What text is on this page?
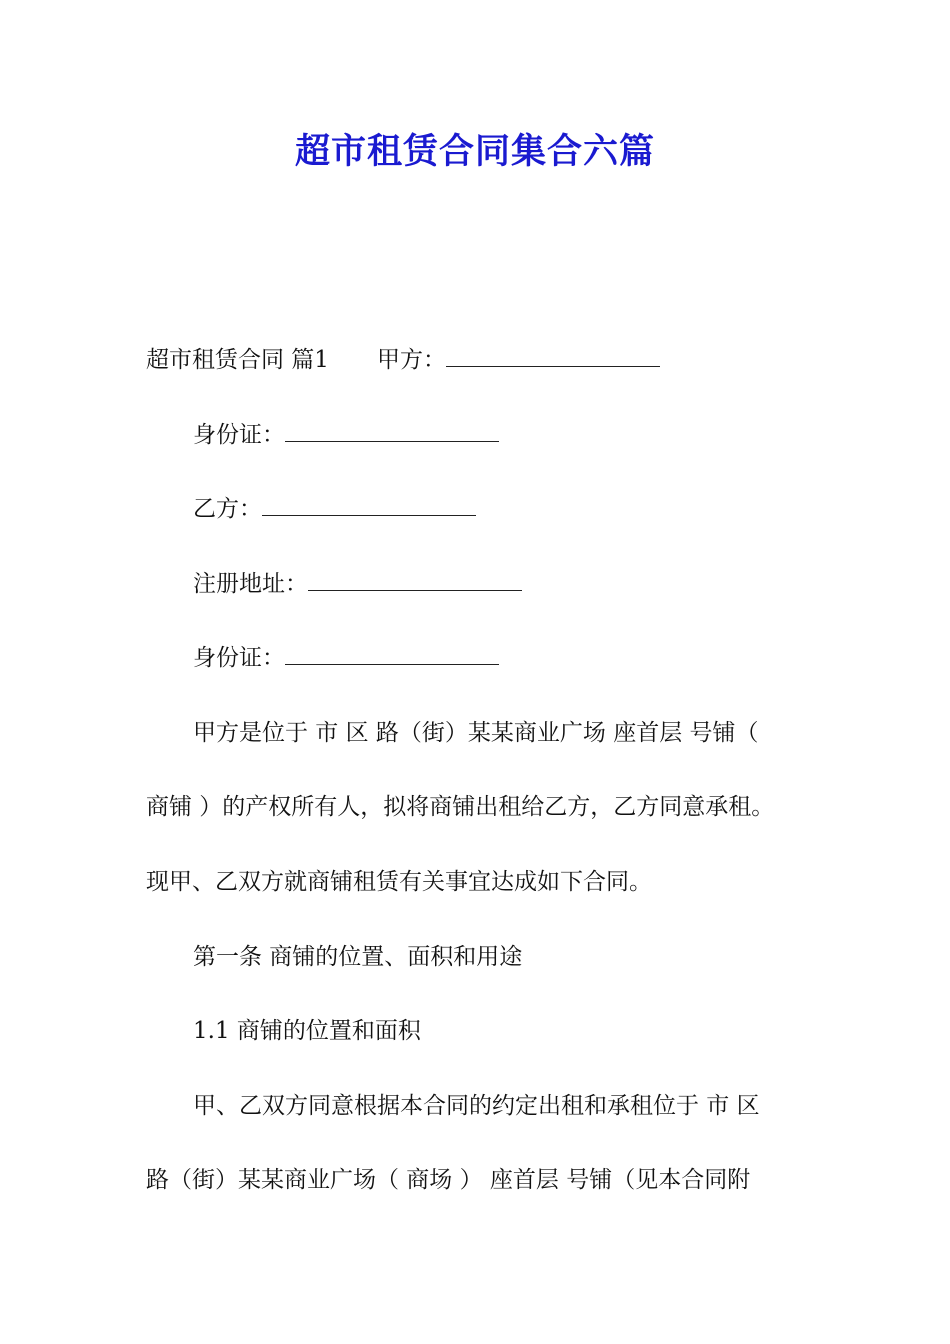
超市租赁合同集合六篇
超市租赁合同 篇1 甲方：
身份证：
乙方：
注册地址：
身份证：
甲方是位于 市 区 路（街）某某商业广场 座首层 号铺（
商铺 ）的产权所有人，拟将商铺出租给乙方，乙方同意承租。
现甲、乙双方就商铺租赁有关事宜达成如下合同。
第一条 商铺的位置、面积和用途
1.1 商铺的位置和面积
甲、乙双方同意根据本合同的约定出租和承租位于 市 区
路（街）某某商业广场（ 商场 ） 座首层 号铺（见本合同附
